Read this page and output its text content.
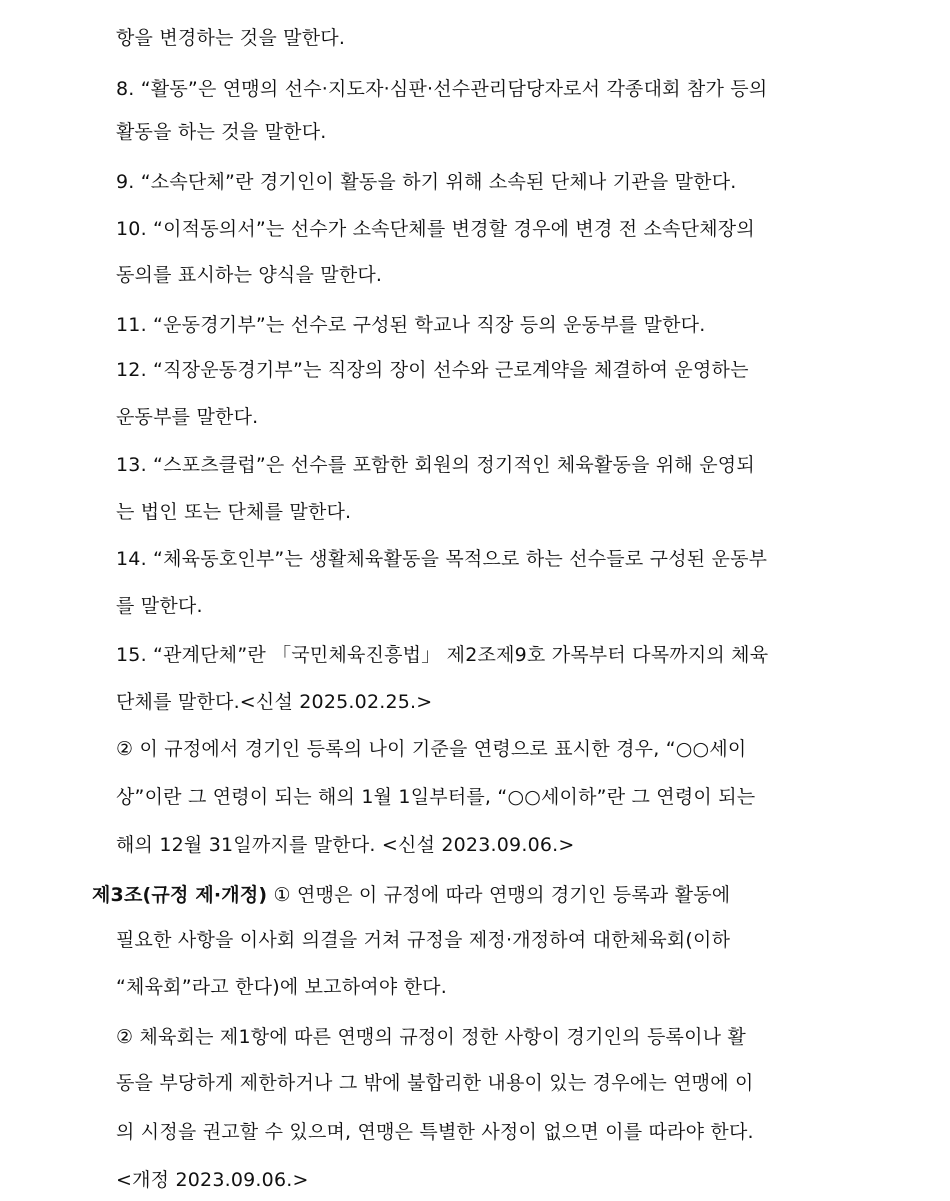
항을 변경하는 것을 말한다.
8. “활동”은 연맹의 선수·지도자·심판·선수관리담당자로서 각종대회 참가 등의
활동을 하는 것을 말한다.
9. “소속단체”란 경기인이 활동을 하기 위해 소속된 단체나 기관을 말한다.
10. “이적동의서”는 선수가 소속단체를 변경할 경우에 변경 전 소속단체장의
동의를 표시하는 양식을 말한다.
11. “운동경기부”는 선수로 구성된 학교나 직장 등의 운동부를 말한다.
12. “직장운동경기부”는 직장의 장이 선수와 근로계약을 체결하여 운영하는
운동부를 말한다.
13. “스포츠클럽”은 선수를 포함한 회원의 정기적인 체육활동을 위해 운영되
는 법인 또는 단체를 말한다.
14. “체육동호인부”는 생활체육활동을 목적으로 하는 선수들로 구성된 운동부
를 말한다.
15. “관계단체”란 「국민체육진흥법」 제2조제9호 가목부터 다목까지의 체육
단체를 말한다.<신설 2025.02.25.>
② 이 규정에서 경기인 등록의 나이 기준을 연령으로 표시한 경우, “○○세이
상”이란 그 연령이 되는 해의 1월 1일부터를, “○○세이하”란 그 연령이 되는
해의 12월 31일까지를 말한다. <신설 2023.09.06.>
제3조(규정 제·개정) ① 연맹은 이 규정에 따라 연맹의 경기인 등록과 활동에
필요한 사항을 이사회 의결을 거쳐 규정을 제정·개정하여 대한체육회(이하
“체육회”라고 한다)에 보고하여야 한다.
② 체육회는 제1항에 따른 연맹의 규정이 정한 사항이 경기인의 등록이나 활
동을 부당하게 제한하거나 그 밖에 불합리한 내용이 있는 경우에는 연맹에 이
의 시정을 권고할 수 있으며, 연맹은 특별한 사정이 없으면 이를 따라야 한다.
<개정 2023.09.06.>
